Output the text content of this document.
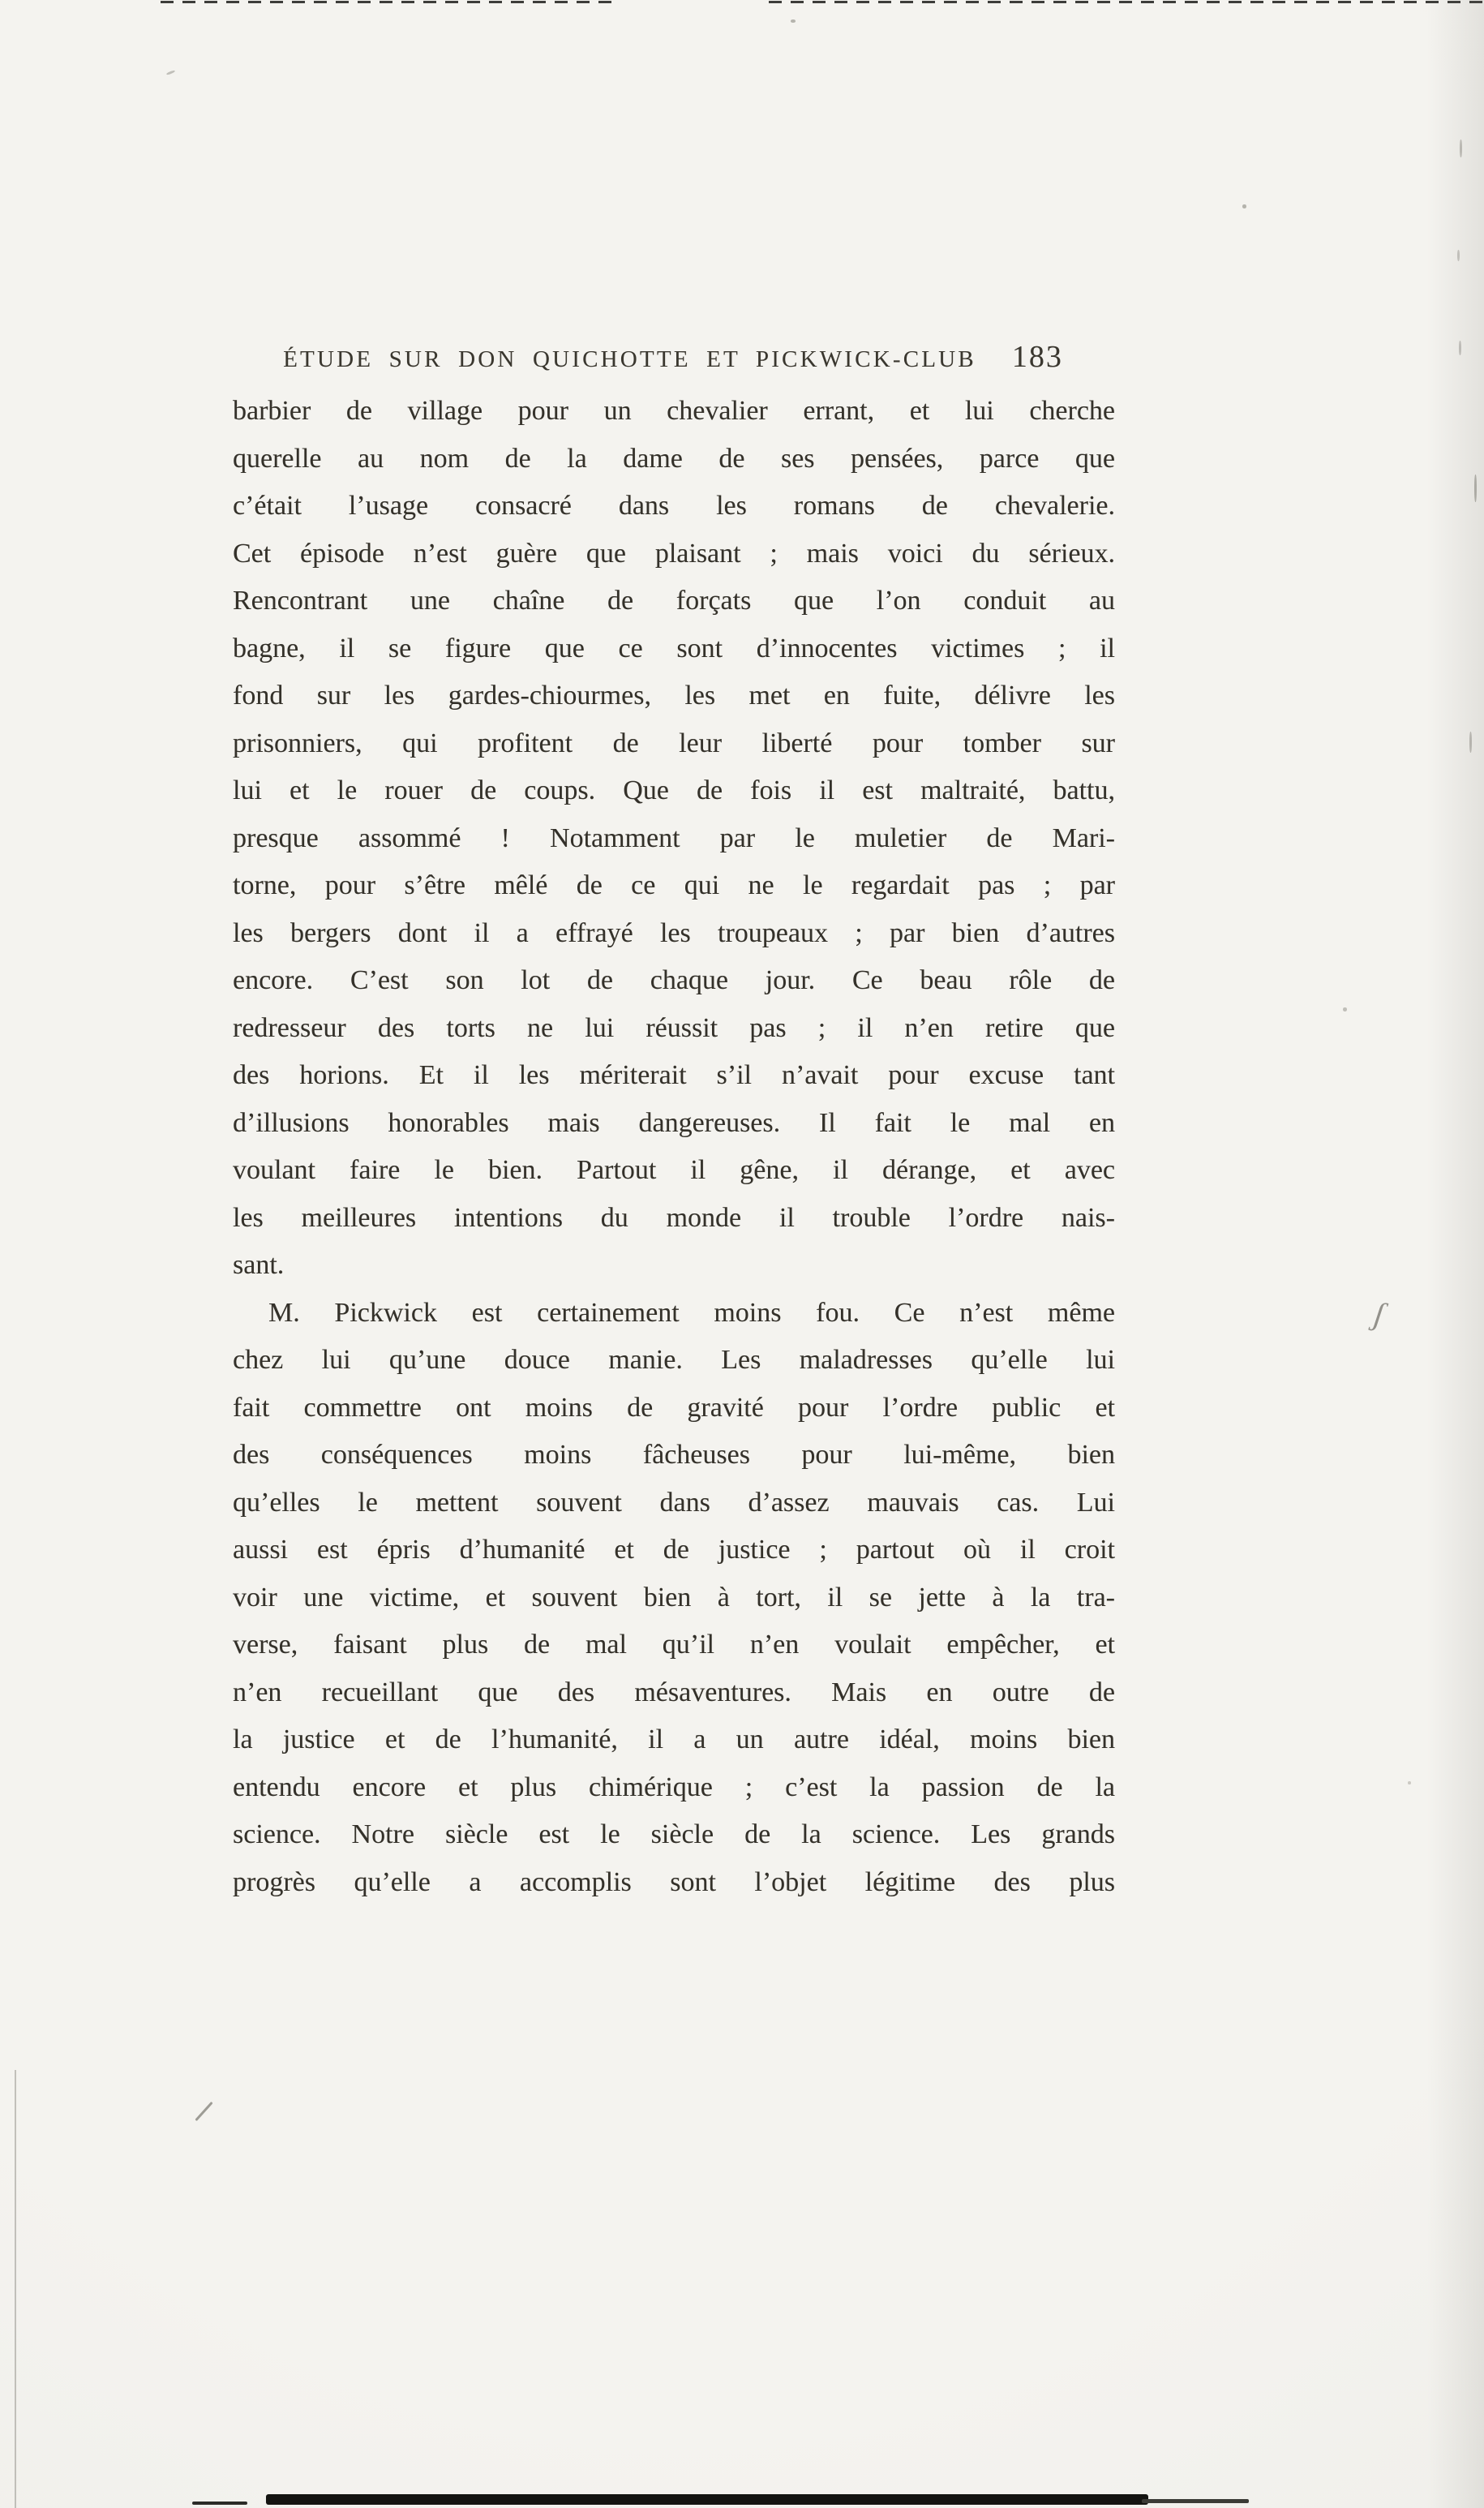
ÉTUDE SUR DON QUICHOTTE ET PICKWICK-CLUB 183
barbier de village pour un chevalier errant, et lui cherche
querelle au nom de la dame de ses pensées, parce que
c’était l’usage consacré dans les romans de chevalerie.
Cet épisode n’est guère que plaisant ; mais voici du sérieux.
Rencontrant une chaîne de forçats que l’on conduit au
bagne, il se figure que ce sont d’innocentes victimes ; il
fond sur les gardes-chiourmes, les met en fuite, délivre les
prisonniers, qui profitent de leur liberté pour tomber sur
lui et le rouer de coups. Que de fois il est maltraité, battu,
presque assommé ! Notamment par le muletier de Mari-
torne, pour s’être mêlé de ce qui ne le regardait pas ; par
les bergers dont il a effrayé les troupeaux ; par bien d’autres
encore. C’est son lot de chaque jour. Ce beau rôle de
redresseur des torts ne lui réussit pas ; il n’en retire que
des horions. Et il les mériterait s’il n’avait pour excuse tant
d’illusions honorables mais dangereuses. Il fait le mal en
voulant faire le bien. Partout il gêne, il dérange, et avec
les meilleures intentions du monde il trouble l’ordre nais-
sant.
M. Pickwick est certainement moins fou. Ce n’est même
chez lui qu’une douce manie. Les maladresses qu’elle lui
fait commettre ont moins de gravité pour l’ordre public et
des conséquences moins fâcheuses pour lui-même, bien
qu’elles le mettent souvent dans d’assez mauvais cas. Lui
aussi est épris d’humanité et de justice ; partout où il croit
voir une victime, et souvent bien à tort, il se jette à la tra-
verse, faisant plus de mal qu’il n’en voulait empêcher, et
n’en recueillant que des mésaventures. Mais en outre de
la justice et de l’humanité, il a un autre idéal, moins bien
entendu encore et plus chimérique ; c’est la passion de la
science. Notre siècle est le siècle de la science. Les grands
progrès qu’elle a accomplis sont l’objet légitime des plus
ʃ
